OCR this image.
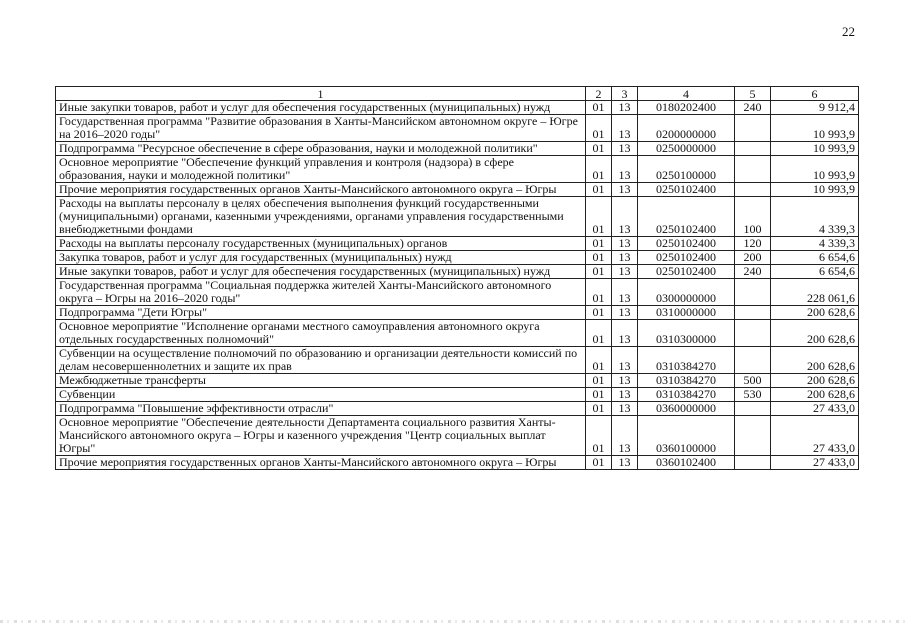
22
1	2	3	4	5	6
Иные закупки товаров, работ и услуг для обеспечения государственных (муниципальных) нужд	01	13	0180202400	240	9 912,4
Государственная программа "Развитие образования в Ханты-Мансийском автономном округе – Югре на 2016–2020 годы"	01	13	0200000000		10 993,9
Подпрограмма "Ресурсное обеспечение в сфере образования, науки и молодежной политики"	01	13	0250000000		10 993,9
Основное мероприятие "Обеспечение функций управления и контроля (надзора) в сфере образования, науки и молодежной политики"	01	13	0250100000		10 993,9
Прочие мероприятия государственных органов Ханты-Мансийского автономного округа – Югры	01	13	0250102400		10 993,9
Расходы на выплаты персоналу в целях обеспечения выполнения функций государственными (муниципальными) органами, казенными учреждениями, органами управления государственными внебюджетными фондами	01	13	0250102400	100	4 339,3
Расходы на выплаты персоналу государственных (муниципальных) органов	01	13	0250102400	120	4 339,3
Закупка товаров, работ и услуг для государственных (муниципальных) нужд	01	13	0250102400	200	6 654,6
Иные закупки товаров, работ и услуг для обеспечения государственных (муниципальных) нужд	01	13	0250102400	240	6 654,6
Государственная программа "Социальная поддержка жителей Ханты-Мансийского автономного округа – Югры на 2016–2020 годы"	01	13	0300000000		228 061,6
Подпрограмма "Дети Югры"	01	13	0310000000		200 628,6
Основное мероприятие "Исполнение органами местного самоуправления автономного округа отдельных государственных полномочий"	01	13	0310300000		200 628,6
Субвенции на осуществление полномочий по образованию и организации деятельности комиссий по делам несовершеннолетних и защите их прав	01	13	0310384270		200 628,6
Межбюджетные трансферты	01	13	0310384270	500	200 628,6
Субвенции	01	13	0310384270	530	200 628,6
Подпрограмма "Повышение эффективности отрасли"	01	13	0360000000		27 433,0
Основное мероприятие "Обеспечение деятельности Департамента социального развития Ханты-Мансийского автономного округа – Югры и казенного учреждения "Центр социальных выплат Югры"	01	13	0360100000		27 433,0
Прочие мероприятия государственных органов Ханты-Мансийского автономного округа – Югры	01	13	0360102400		27 433,0
